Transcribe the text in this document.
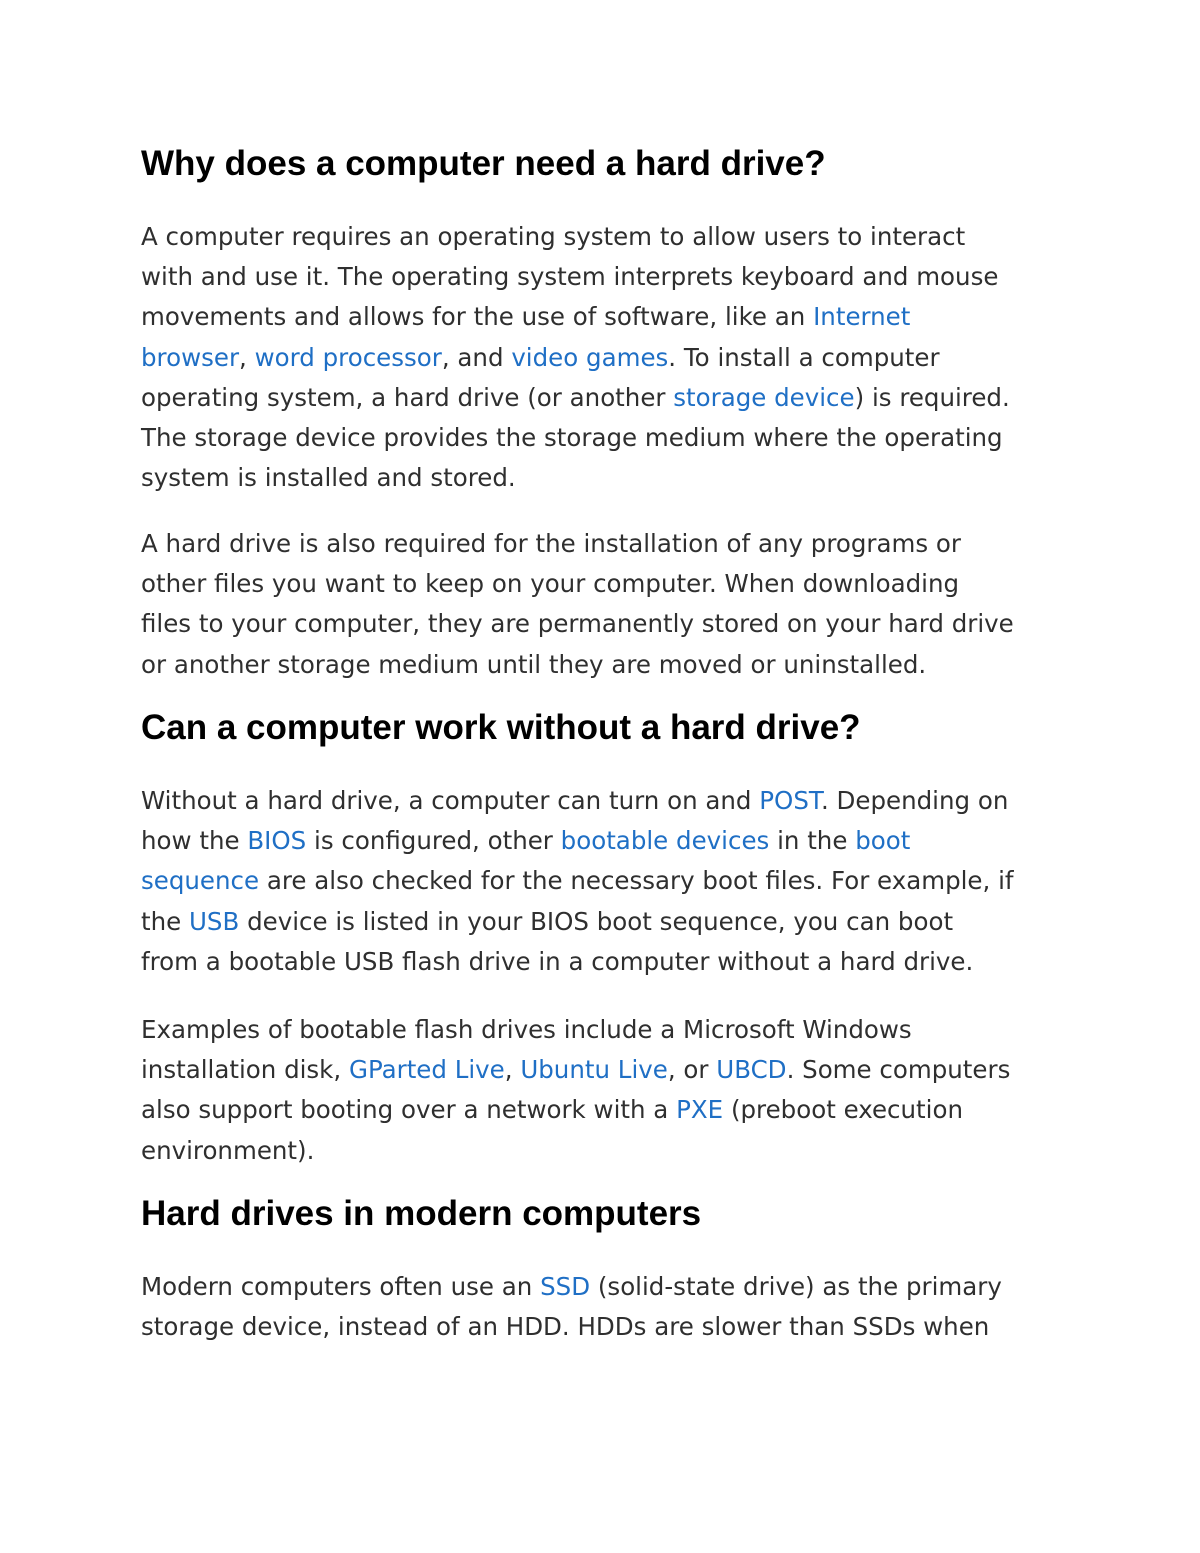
Why does a computer need a hard drive?

A computer requires an operating system to allow users to interact
with and use it. The operating system interprets keyboard and mouse
movements and allows for the use of software, like an Internet
browser, word processor, and video games. To install a computer
operating system, a hard drive (or another storage device) is required.
The storage device provides the storage medium where the operating
system is installed and stored.

A hard drive is also required for the installation of any programs or
other files you want to keep on your computer. When downloading
files to your computer, they are permanently stored on your hard drive
or another storage medium until they are moved or uninstalled.

Can a computer work without a hard drive?

Without a hard drive, a computer can turn on and POST. Depending on
how the BIOS is configured, other bootable devices in the boot
sequence are also checked for the necessary boot files. For example, if
the USB device is listed in your BIOS boot sequence, you can boot
from a bootable USB flash drive in a computer without a hard drive.

Examples of bootable flash drives include a Microsoft Windows
installation disk, GParted Live, Ubuntu Live, or UBCD. Some computers
also support booting over a network with a PXE (preboot execution
environment).

Hard drives in modern computers

Modern computers often use an SSD (solid-state drive) as the primary
storage device, instead of an HDD. HDDs are slower than SSDs when
